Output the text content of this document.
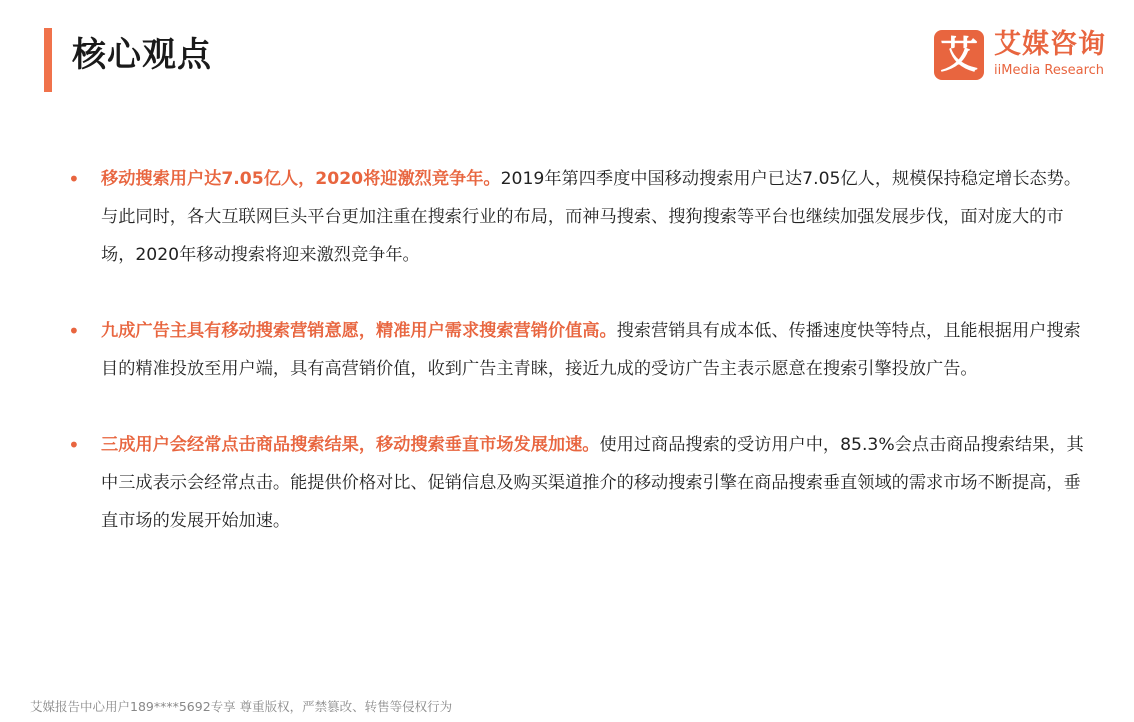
核心观点	艾 艾媒咨询
iiMedia Research
• 移动搜索用户达7.05亿人，2020将迎激烈竞争年。2019年第四季度中国移动搜索用户已达7.05亿人，规模保持稳定增长态势。与此同时，各大互联网巨头平台更加注重在搜索行业的布局，而神马搜索、搜狗搜索等平台也继续加强发展步伐，面对庞大的市场，2020年移动搜索将迎来激烈竞争年。
• 九成广告主具有移动搜索营销意愿，精准用户需求搜索营销价值高。搜索营销具有成本低、传播速度快等特点，且能根据用户搜索目的精准投放至用户端，具有高营销价值，收到广告主青睐，接近九成的受访广告主表示愿意在搜索引擎投放广告。
• 三成用户会经常点击商品搜索结果，移动搜索垂直市场发展加速。使用过商品搜索的受访用户中，85.3%会点击商品搜索结果，其中三成表示会经常点击。能提供价格对比、促销信息及购买渠道推介的移动搜索引擎在商品搜索垂直领域的需求市场不断提高，垂直市场的发展开始加速。
艾媒报告中心用户189****5692专享 尊重版权，严禁篡改、转售等侵权行为
